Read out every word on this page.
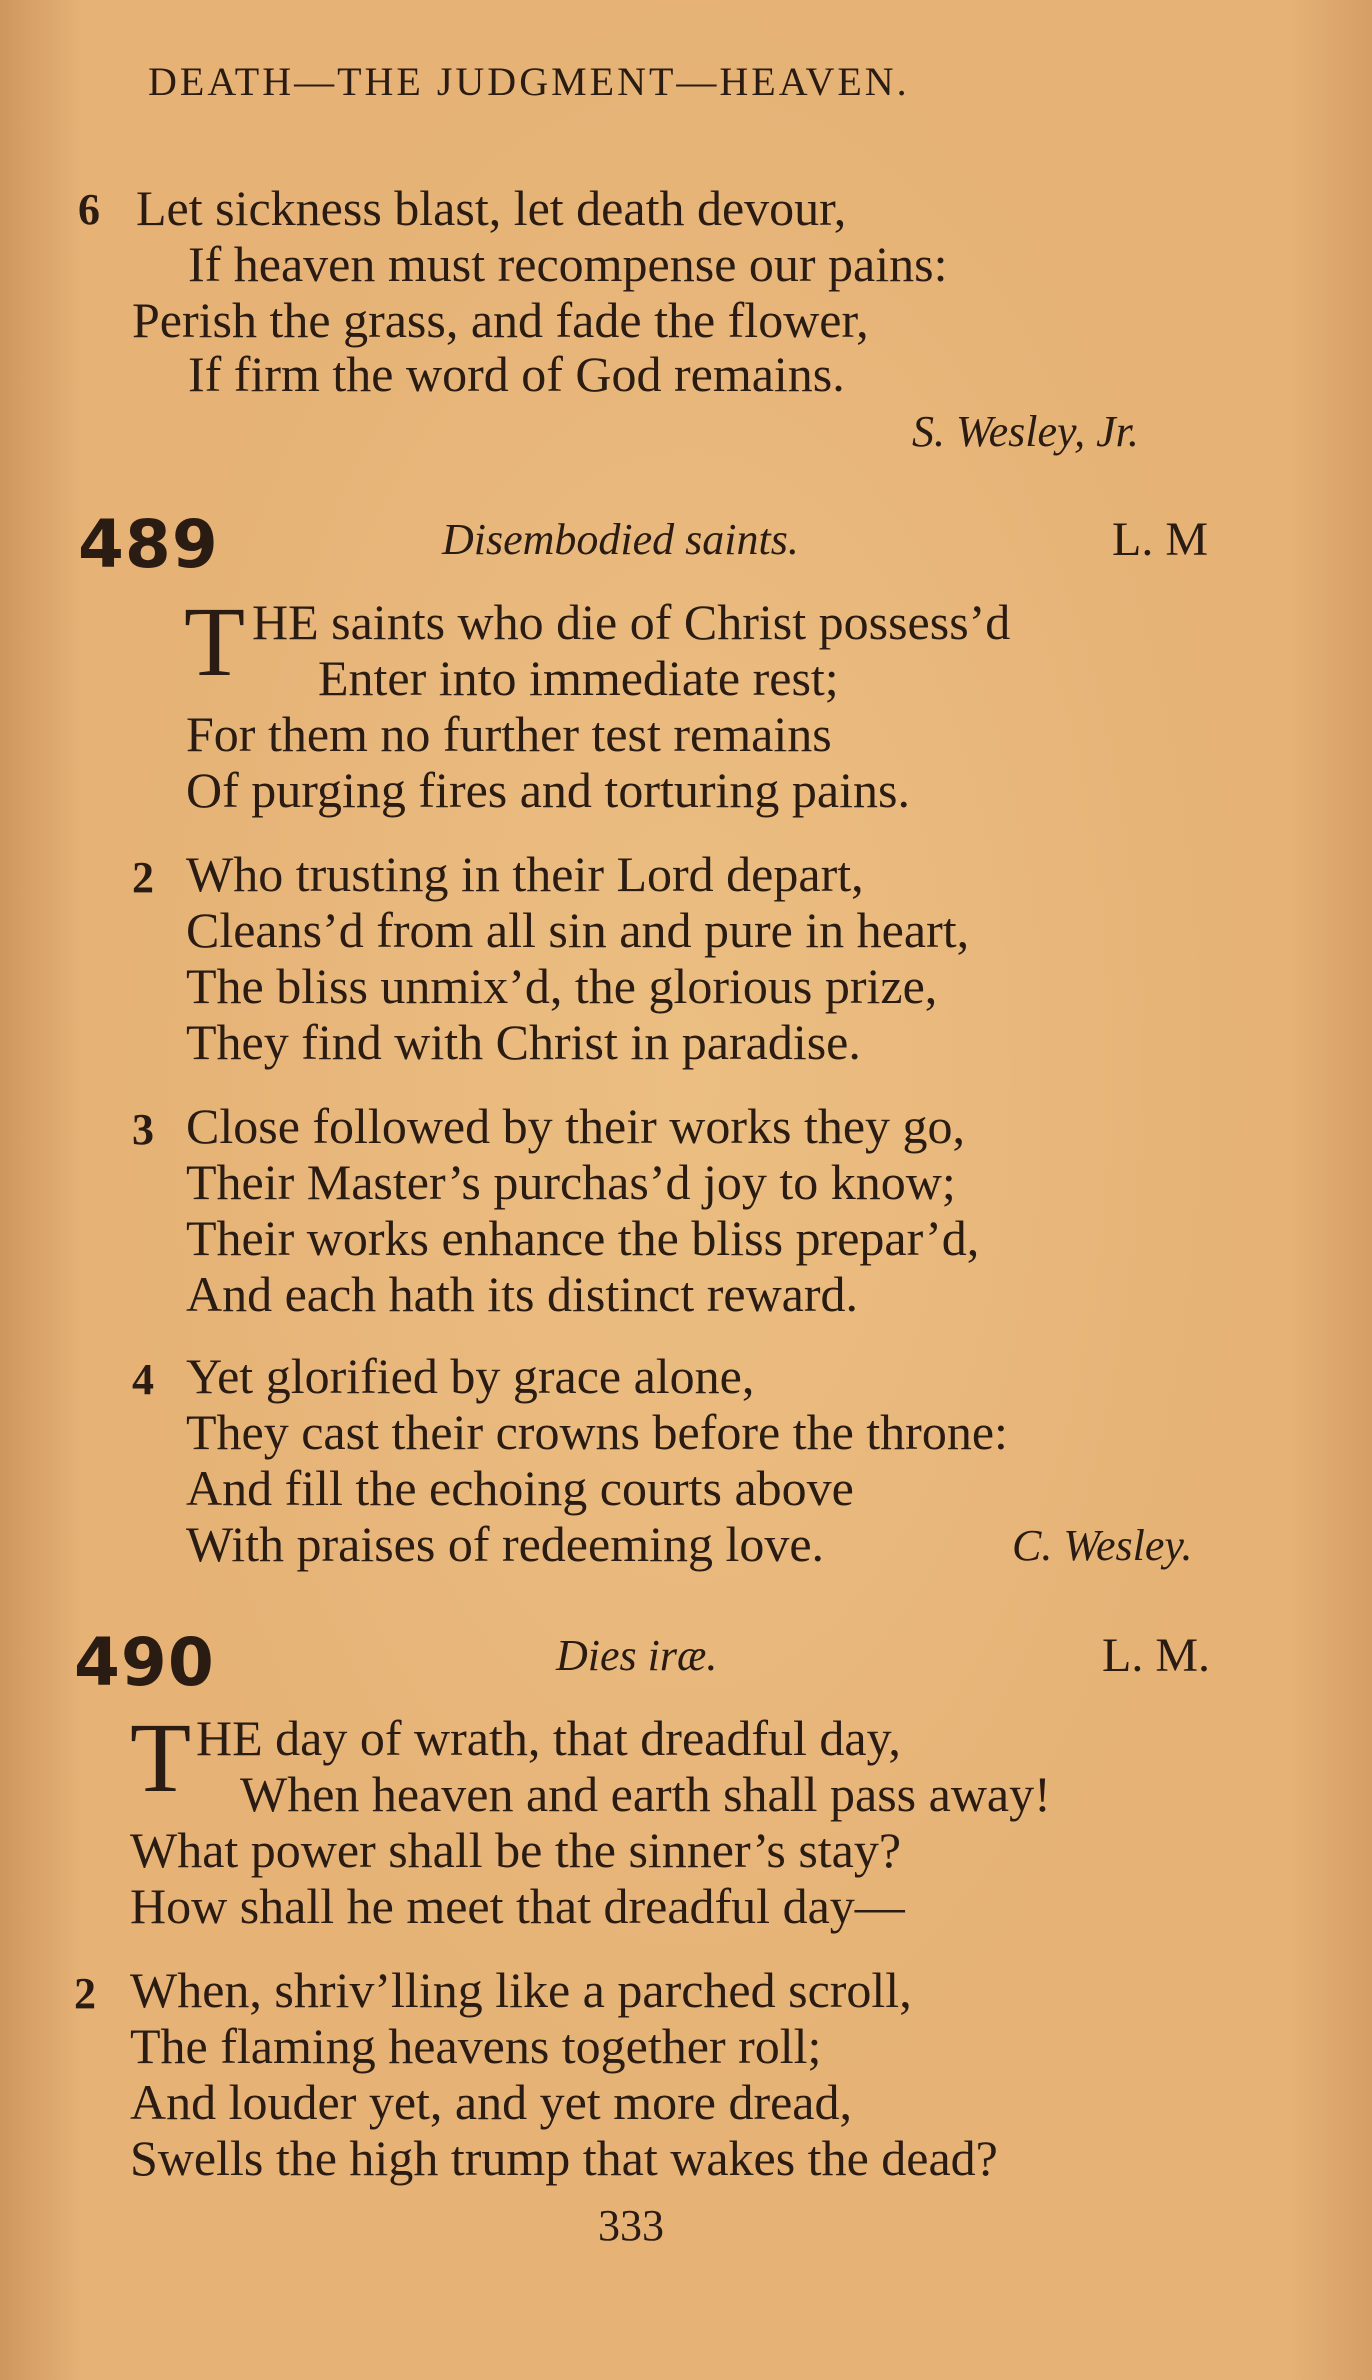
DEATH—THE JUDGMENT—HEAVEN.
6 Let sickness blast, let death devour,
If heaven must recompense our pains:
Perish the grass, and fade the flower,
If firm the word of God remains.
S. Wesley, Jr.
489	Disembodied saints.	L. M
T HE saints who die of Christ possess’d
Enter into immediate rest;
For them no further test remains
Of purging fires and torturing pains.
2 Who trusting in their Lord depart,
Cleans’d from all sin and pure in heart,
The bliss unmix’d, the glorious prize,
They find with Christ in paradise.
3 Close followed by their works they go,
Their Master’s purchas’d joy to know;
Their works enhance the bliss prepar’d,
And each hath its distinct reward.
4 Yet glorified by grace alone,
They cast their crowns before the throne:
And fill the echoing courts above
With praises of redeeming love.	C. Wesley.
490	Dies iræ.	L. M.
T HE day of wrath, that dreadful day,
When heaven and earth shall pass away!
What power shall be the sinner’s stay?
How shall he meet that dreadful day—
2 When, shriv’lling like a parched scroll,
The flaming heavens together roll;
And louder yet, and yet more dread,
Swells the high trump that wakes the dead?
333
